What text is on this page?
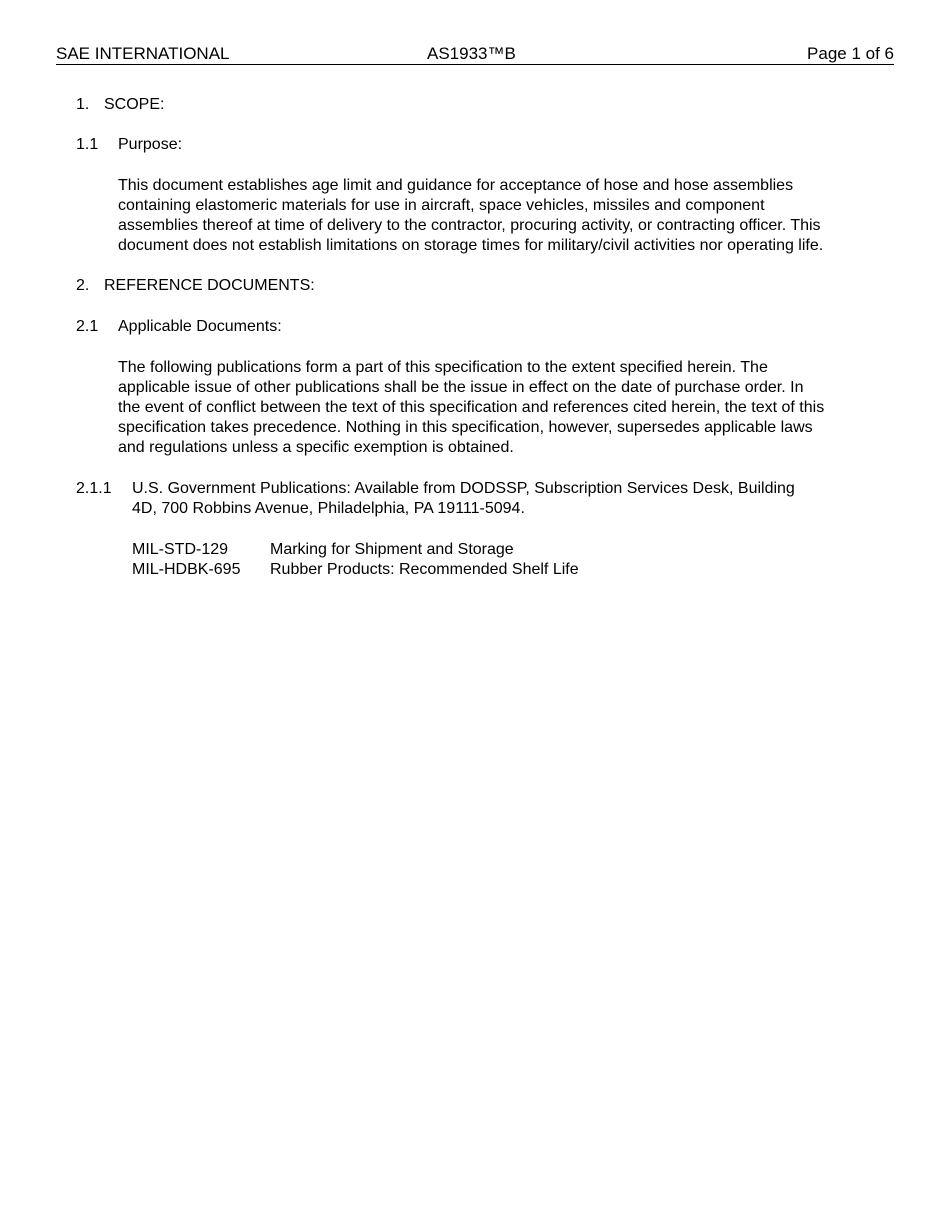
SAE INTERNATIONAL	AS1933™B	Page 1 of 6
1. SCOPE:
1.1 Purpose:
This document establishes age limit and guidance for acceptance of hose and hose assemblies
containing elastomeric materials for use in aircraft, space vehicles, missiles and component
assemblies thereof at time of delivery to the contractor, procuring activity, or contracting officer. This
document does not establish limitations on storage times for military/civil activities nor operating life.
2. REFERENCE DOCUMENTS:
2.1 Applicable Documents:
The following publications form a part of this specification to the extent specified herein. The
applicable issue of other publications shall be the issue in effect on the date of purchase order. In
the event of conflict between the text of this specification and references cited herein, the text of this
specification takes precedence. Nothing in this specification, however, supersedes applicable laws
and regulations unless a specific exemption is obtained.
2.1.1 U.S. Government Publications: Available from DODSSP, Subscription Services Desk, Building
4D, 700 Robbins Avenue, Philadelphia, PA 19111-5094.
MIL-STD-129	Marking for Shipment and Storage
MIL-HDBK-695 Rubber Products: Recommended Shelf Life
